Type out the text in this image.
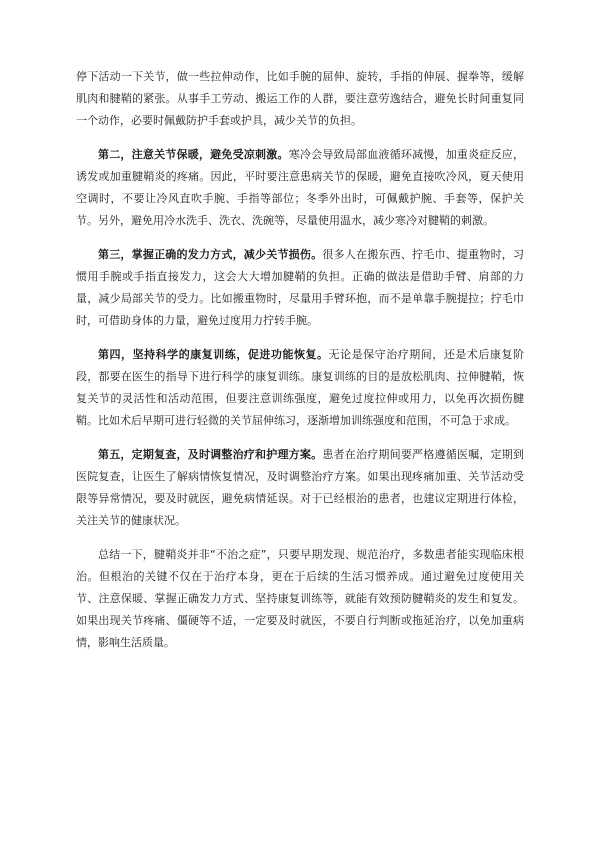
停下活动一下关节，做一些拉伸动作，比如手腕的屈伸、旋转，手指的伸展、握拳等，缓解肌肉和腱鞘的紧张。从事手工劳动、搬运工作的人群，要注意劳逸结合，避免长时间重复同一个动作，必要时佩戴防护手套或护具，减少关节的负担。

第二，注意关节保暖，避免受凉刺激。寒冷会导致局部血液循环减慢，加重炎症反应，诱发或加重腱鞘炎的疼痛。因此，平时要注意患病关节的保暖，避免直接吹冷风，夏天使用空调时，不要让冷风直吹手腕、手指等部位；冬季外出时，可佩戴护腕、手套等，保护关节。另外，避免用冷水洗手、洗衣、洗碗等，尽量使用温水，减少寒冷对腱鞘的刺激。

第三，掌握正确的发力方式，减少关节损伤。很多人在搬东西、拧毛巾、提重物时，习惯用手腕或手指直接发力，这会大大增加腱鞘的负担。正确的做法是借助手臂、肩部的力量，减少局部关节的受力。比如搬重物时，尽量用手臂环抱，而不是单靠手腕提拉；拧毛巾时，可借助身体的力量，避免过度用力拧转手腕。

第四，坚持科学的康复训练，促进功能恢复。无论是保守治疗期间，还是术后康复阶段，都要在医生的指导下进行科学的康复训练。康复训练的目的是放松肌肉、拉伸腱鞘，恢复关节的灵活性和活动范围，但要注意训练强度，避免过度拉伸或用力，以免再次损伤腱鞘。比如术后早期可进行轻微的关节屈伸练习，逐渐增加训练强度和范围，不可急于求成。

第五，定期复查，及时调整治疗和护理方案。患者在治疗期间要严格遵循医嘱，定期到医院复查，让医生了解病情恢复情况，及时调整治疗方案。如果出现疼痛加重、关节活动受限等异常情况，要及时就医，避免病情延误。对于已经根治的患者，也建议定期进行体检，关注关节的健康状况。

总结一下，腱鞘炎并非“不治之症”，只要早期发现、规范治疗，多数患者能实现临床根治。但根治的关键不仅在于治疗本身，更在于后续的生活习惯养成。通过避免过度使用关节、注意保暖、掌握正确发力方式、坚持康复训练等，就能有效预防腱鞘炎的发生和复发。如果出现关节疼痛、僵硬等不适，一定要及时就医，不要自行判断或拖延治疗，以免加重病情，影响生活质量。
